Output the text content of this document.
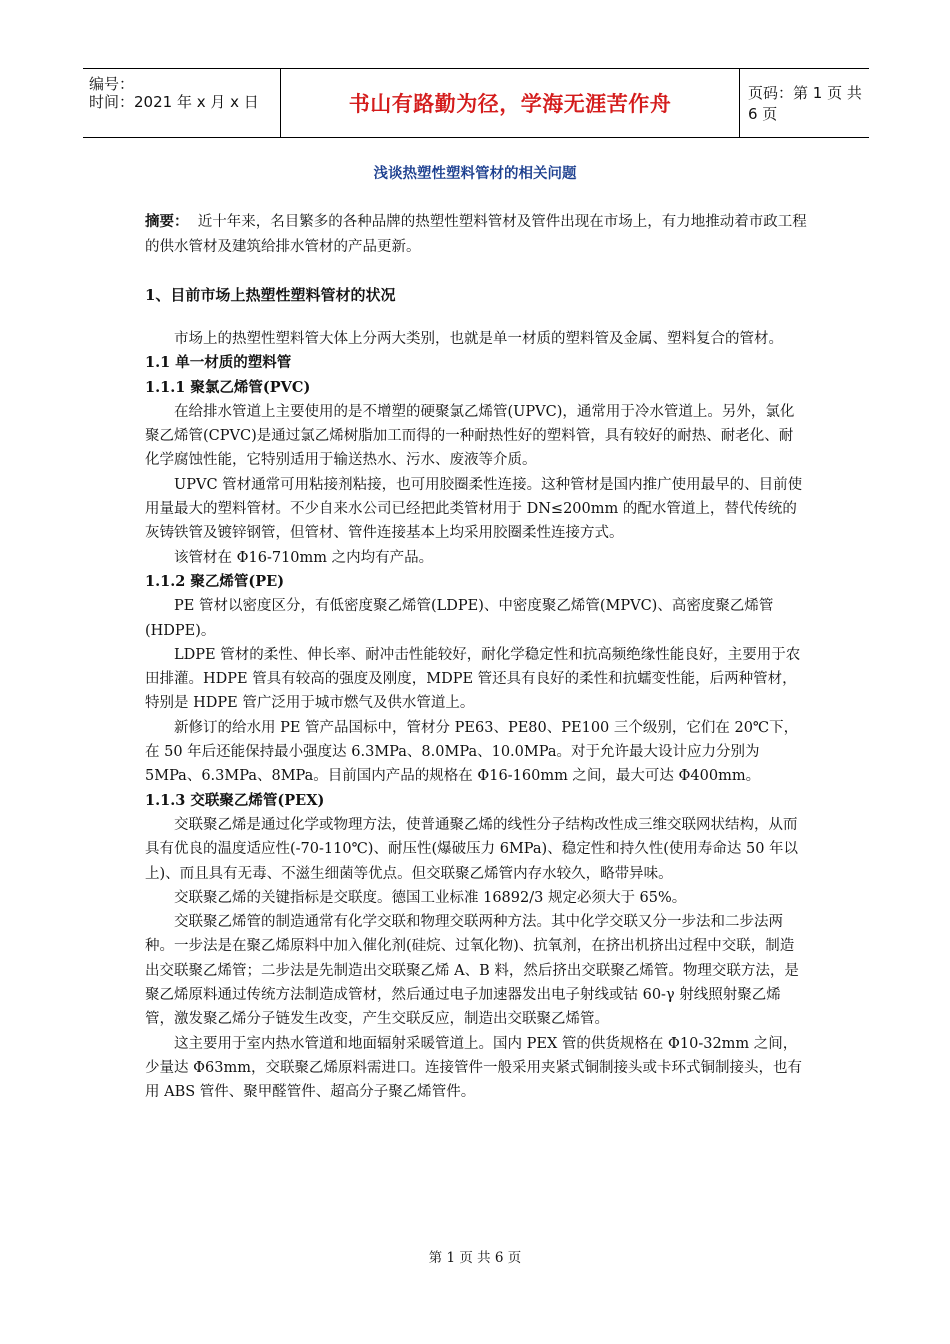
编号：
时间：2021 年 x 月 x 日	书山有路勤为径，学海无涯苦作舟	页码：第 1 页 共 6 页
浅谈热塑性塑料管材的相关问题
摘要： 近十年来，名目繁多的各种品牌的热塑性塑料管材及管件出现在市场上，有力地推动着市政工程的供水管材及建筑给排水管材的产品更新。
1、目前市场上热塑性塑料管材的状况

市场上的热塑性塑料管大体上分两大类别，也就是单一材质的塑料管及金属、塑料复合的管材。

1.1 单一材质的塑料管

1.1.1 聚氯乙烯管(PVC)

在给排水管道上主要使用的是不增塑的硬聚氯乙烯管(UPVC)，通常用于冷水管道上。另外，氯化聚乙烯管(CPVC)是通过氯乙烯树脂加工而得的一种耐热性好的塑料管，具有较好的耐热、耐老化、耐化学腐蚀性能，它特别适用于输送热水、污水、废液等介质。

UPVC 管材通常可用粘接剂粘接，也可用胶圈柔性连接。这种管材是国内推广使用最早的、目前使用量最大的塑料管材。不少自来水公司已经把此类管材用于 DN≤200mm 的配水管道上，替代传统的灰铸铁管及镀锌钢管，但管材、管件连接基本上均采用胶圈柔性连接方式。

该管材在 Φ16-710mm 之内均有产品。

1.1.2 聚乙烯管(PE)

PE 管材以密度区分，有低密度聚乙烯管(LDPE)、中密度聚乙烯管(MPVC)、高密度聚乙烯管(HDPE)。

LDPE 管材的柔性、伸长率、耐冲击性能较好，耐化学稳定性和抗高频绝缘性能良好，主要用于农田排灌。HDPE 管具有较高的强度及刚度，MDPE 管还具有良好的柔性和抗蠕变性能，后两种管材，特别是 HDPE 管广泛用于城市燃气及供水管道上。

新修订的给水用 PE 管产品国标中，管材分 PE63、PE80、PE100 三个级别，它们在 20℃下，在 50 年后还能保持最小强度达 6.3MPa、8.0MPa、10.0MPa。对于允许最大设计应力分别为 5MPa、6.3MPa、8MPa。目前国内产品的规格在 Φ16-160mm 之间，最大可达 Φ400mm。

1.1.3 交联聚乙烯管(PEX)

交联聚乙烯是通过化学或物理方法，使普通聚乙烯的线性分子结构改性成三维交联网状结构，从而具有优良的温度适应性(-70-110℃)、耐压性(爆破压力 6MPa)、稳定性和持久性(使用寿命达 50 年以上)、而且具有无毒、不滋生细菌等优点。但交联聚乙烯管内存水较久，略带异味。

交联聚乙烯的关键指标是交联度。德国工业标准 16892/3 规定必须大于 65%。

交联聚乙烯管的制造通常有化学交联和物理交联两种方法。其中化学交联又分一步法和二步法两种。一步法是在聚乙烯原料中加入催化剂(硅烷、过氧化物)、抗氧剂，在挤出机挤出过程中交联，制造出交联聚乙烯管；二步法是先制造出交联聚乙烯 A、B 料，然后挤出交联聚乙烯管。物理交联方法，是聚乙烯原料通过传统方法制造成管材，然后通过电子加速器发出电子射线或钴 60-γ 射线照射聚乙烯管，激发聚乙烯分子链发生改变，产生交联反应，制造出交联聚乙烯管。

这主要用于室内热水管道和地面辐射采暖管道上。国内 PEX 管的供货规格在 Φ10-32mm 之间，少量达 Φ63mm，交联聚乙烯原料需进口。连接管件一般采用夹紧式铜制接头或卡环式铜制接头，也有用 ABS 管件、聚甲醛管件、超高分子聚乙烯管件。

第 1 页 共 6 页
